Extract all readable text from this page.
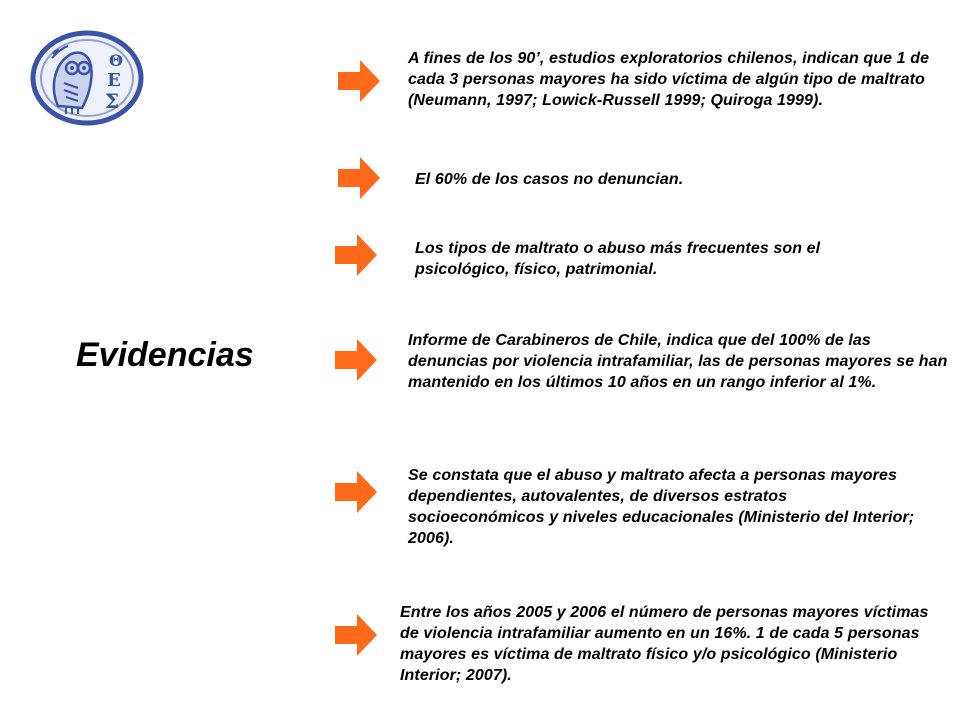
Θ
Ε
Σ
Evidencias
A fines de los 90’, estudios exploratorios chilenos, indican que 1 de cada 3 personas mayores ha sido víctima de algún tipo de maltrato (Neumann, 1997; Lowick-Russell 1999; Quiroga 1999).
El 60% de los casos no denuncian.
Los tipos de maltrato o abuso más frecuentes son el psicológico, físico, patrimonial.
Informe de Carabineros de Chile, indica que del 100% de las denuncias por violencia intrafamiliar, las de personas mayores se han mantenido en los últimos 10 años en un rango inferior al 1%.
Se constata que el abuso y maltrato afecta a personas mayores dependientes, autovalentes, de diversos estratos socioeconómicos y niveles educacionales (Ministerio del Interior; 2006).
Entre los años 2005 y 2006 el número de personas mayores víctimas de violencia intrafamiliar aumento en un 16%. 1 de cada 5 personas mayores es víctima de maltrato físico y/o psicológico (Ministerio Interior; 2007).
